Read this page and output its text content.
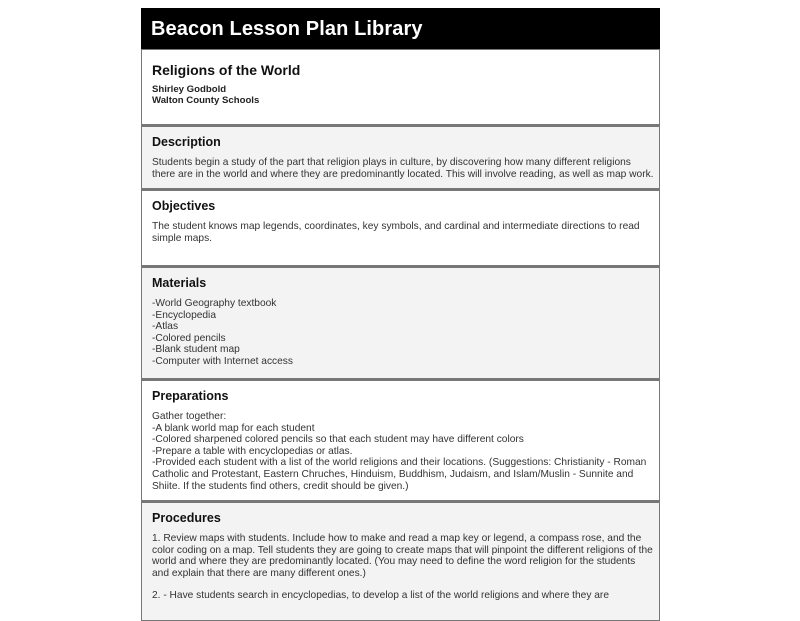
Beacon Lesson Plan Library
Religions of the World
Shirley Godbold
Walton County Schools
Description
Students begin a study of the part that religion plays in culture, by discovering how many different religions
there are in the world and where they are predominantly located. This will involve reading, as well as map work.
Objectives
The student knows map legends, coordinates, key symbols, and cardinal and intermediate directions to read
simple maps.
Materials
-World Geography textbook
-Encyclopedia
-Atlas
-Colored pencils
-Blank student map
-Computer with Internet access
Preparations
Gather together:
-A blank world map for each student
-Colored sharpened colored pencils so that each student may have different colors
-Prepare a table with encyclopedias or atlas.
-Provided each student with a list of the world religions and their locations. (Suggestions: Christianity - Roman
Catholic and Protestant, Eastern Chruches, Hinduism, Buddhism, Judaism, and Islam/Muslin - Sunnite and
Shiite. If the students find others, credit should be given.)
Procedures
1. Review maps with students. Include how to make and read a map key or legend, a compass rose, and the
color coding on a map. Tell students they are going to create maps that will pinpoint the different religions of the
world and where they are predominantly located. (You may need to define the word religion for the students
and explain that there are many different ones.)
2. - Have students search in encyclopedias, to develop a list of the world religions and where they are
